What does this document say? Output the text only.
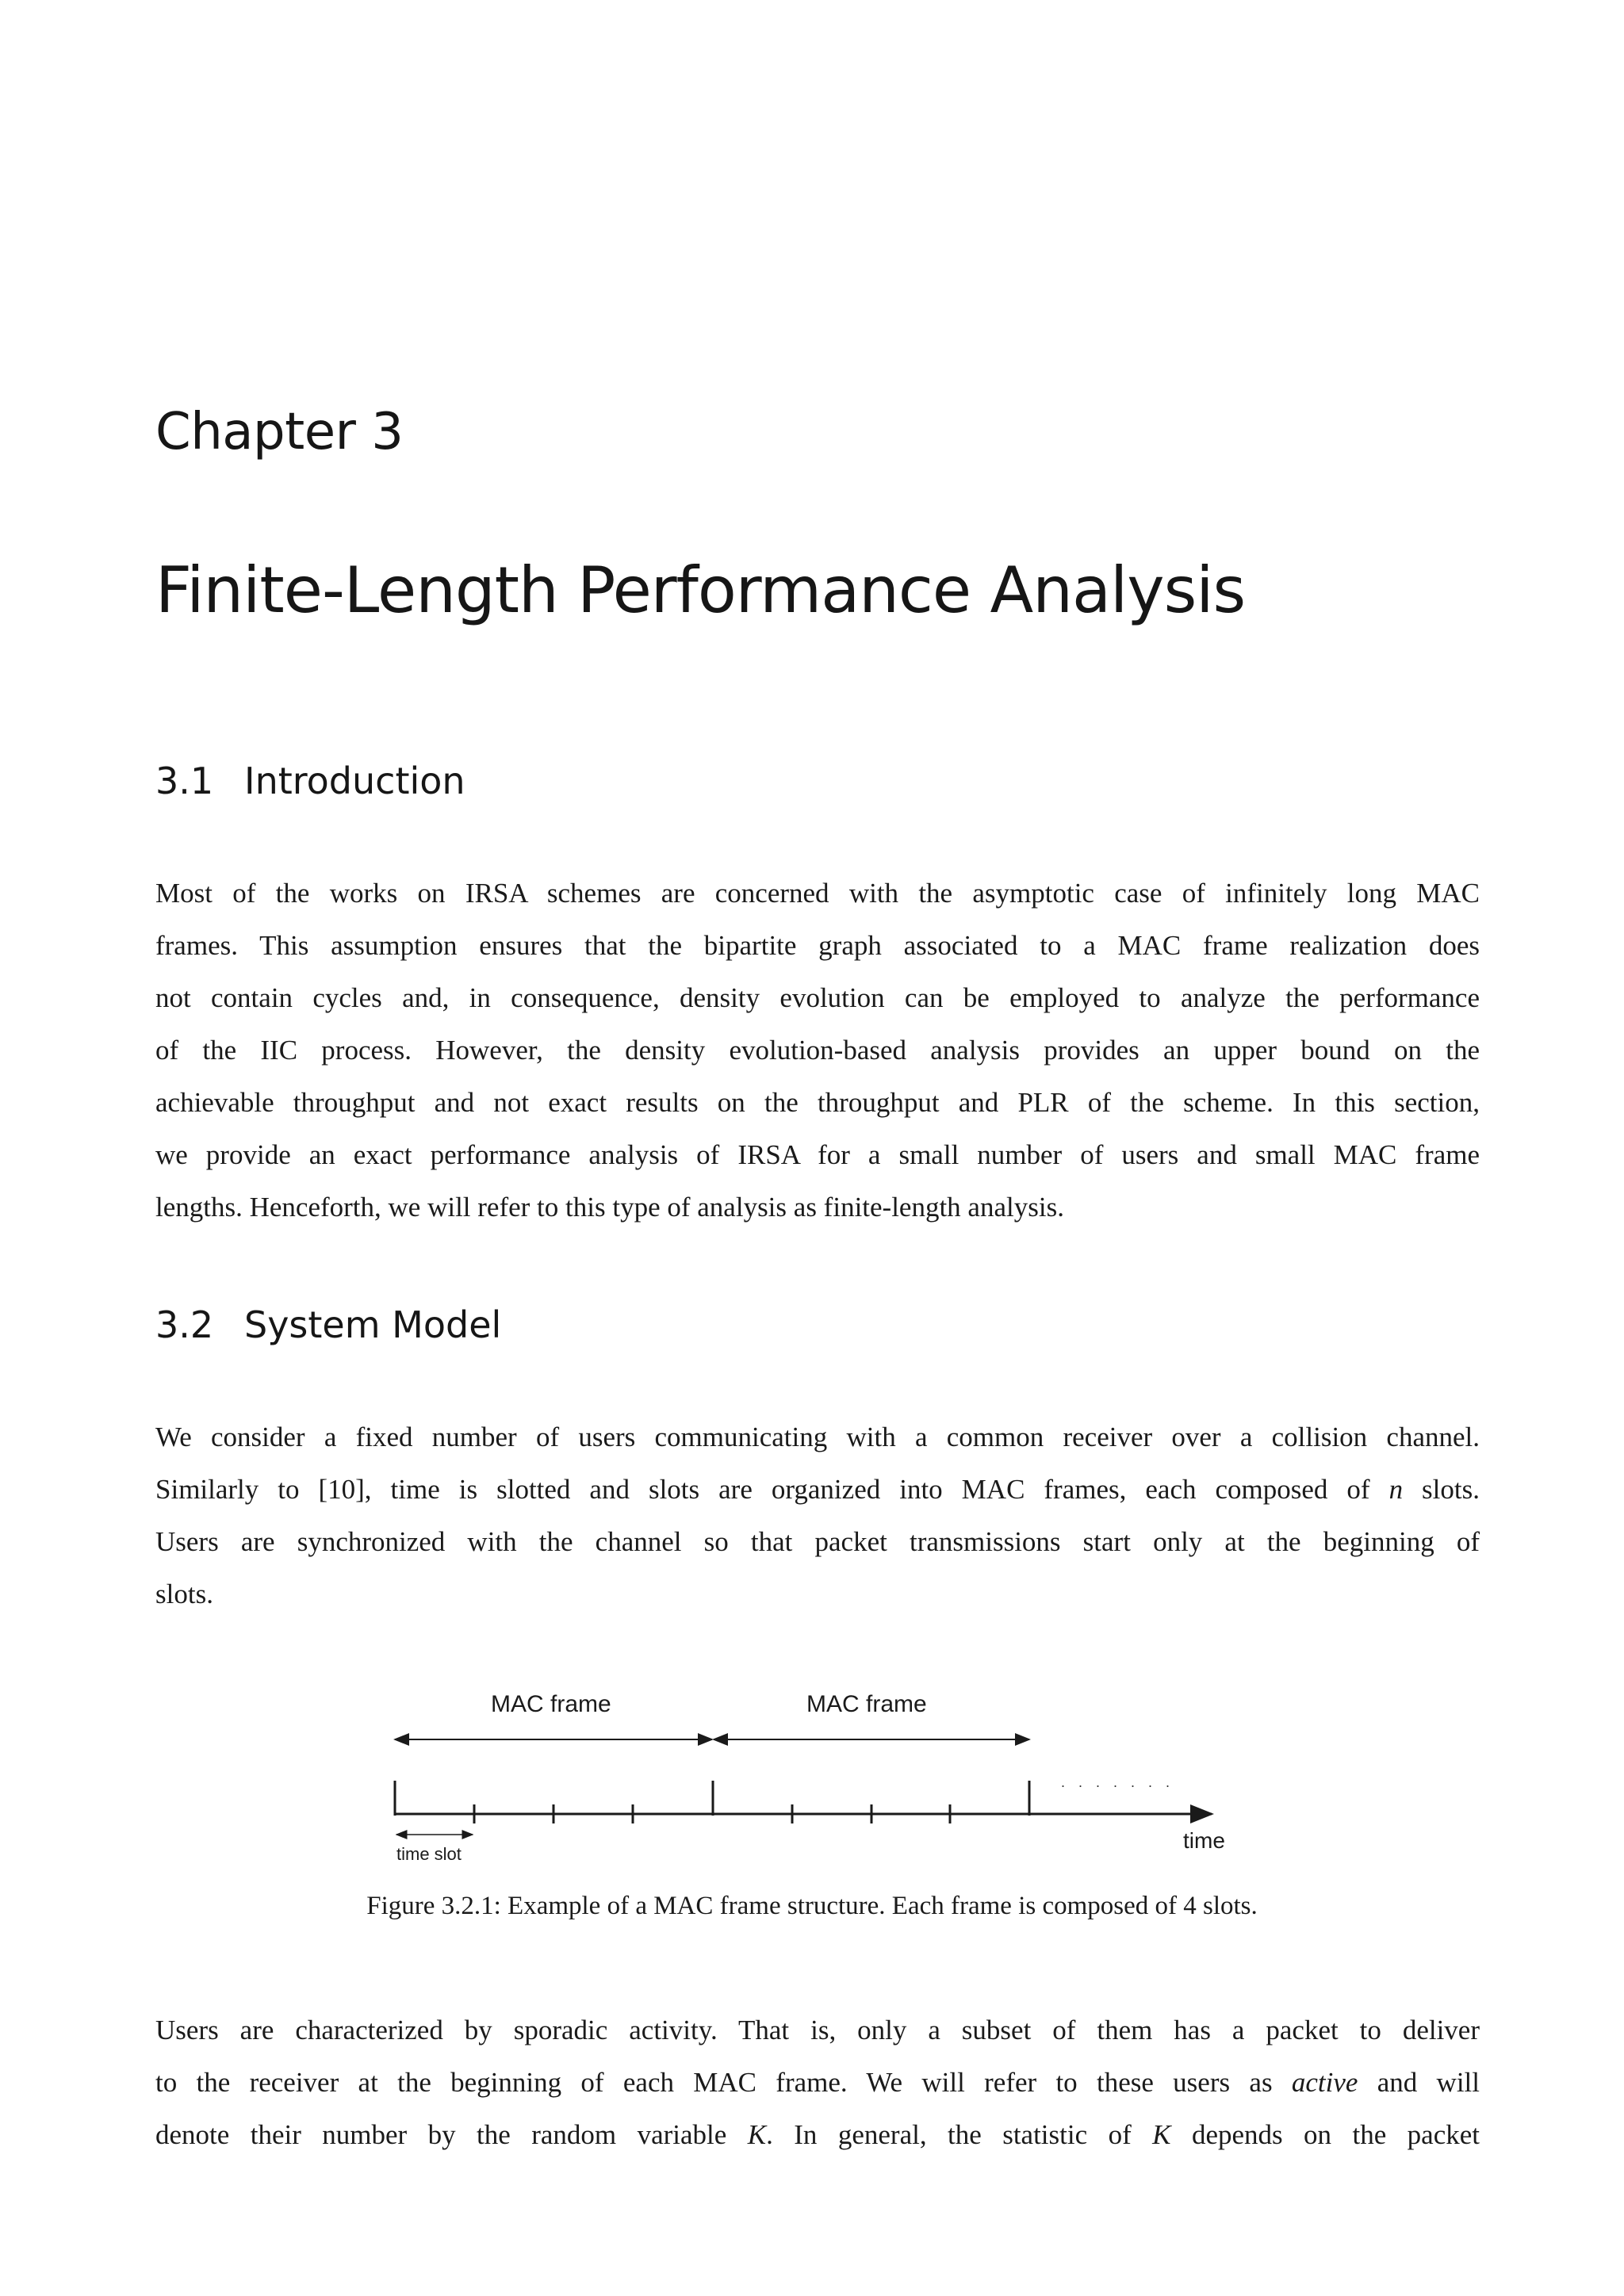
Chapter 3
Finite-Length Performance Analysis
3.1 Introduction
Most of the works on IRSA schemes are concerned with the asymptotic case of infinitely long MAC
frames. This assumption ensures that the bipartite graph associated to a MAC frame realization does
not contain cycles and, in consequence, density evolution can be employed to analyze the performance
of the IIC process. However, the density evolution-based analysis provides an upper bound on the
achievable throughput and not exact results on the throughput and PLR of the scheme. In this section,
we provide an exact performance analysis of IRSA for a small number of users and small MAC frame
lengths. Henceforth, we will refer to this type of analysis as finite-length analysis.
3.2 System Model
We consider a fixed number of users communicating with a common receiver over a collision channel.
Similarly to [10], time is slotted and slots are organized into MAC frames, each composed of n slots.
Users are synchronized with the channel so that packet transmissions start only at the beginning of
slots.
MAC frame	MAC frame
. . . . . . .
time slot
time

Figure 3.2.1: Example of a MAC frame structure. Each frame is composed of 4 slots.

Users are characterized by sporadic activity. That is, only a subset of them has a packet to deliver
to the receiver at the beginning of each MAC frame. We will refer to these users as active and will
denote their number by the random variable K. In general, the statistic of K depends on the packet
